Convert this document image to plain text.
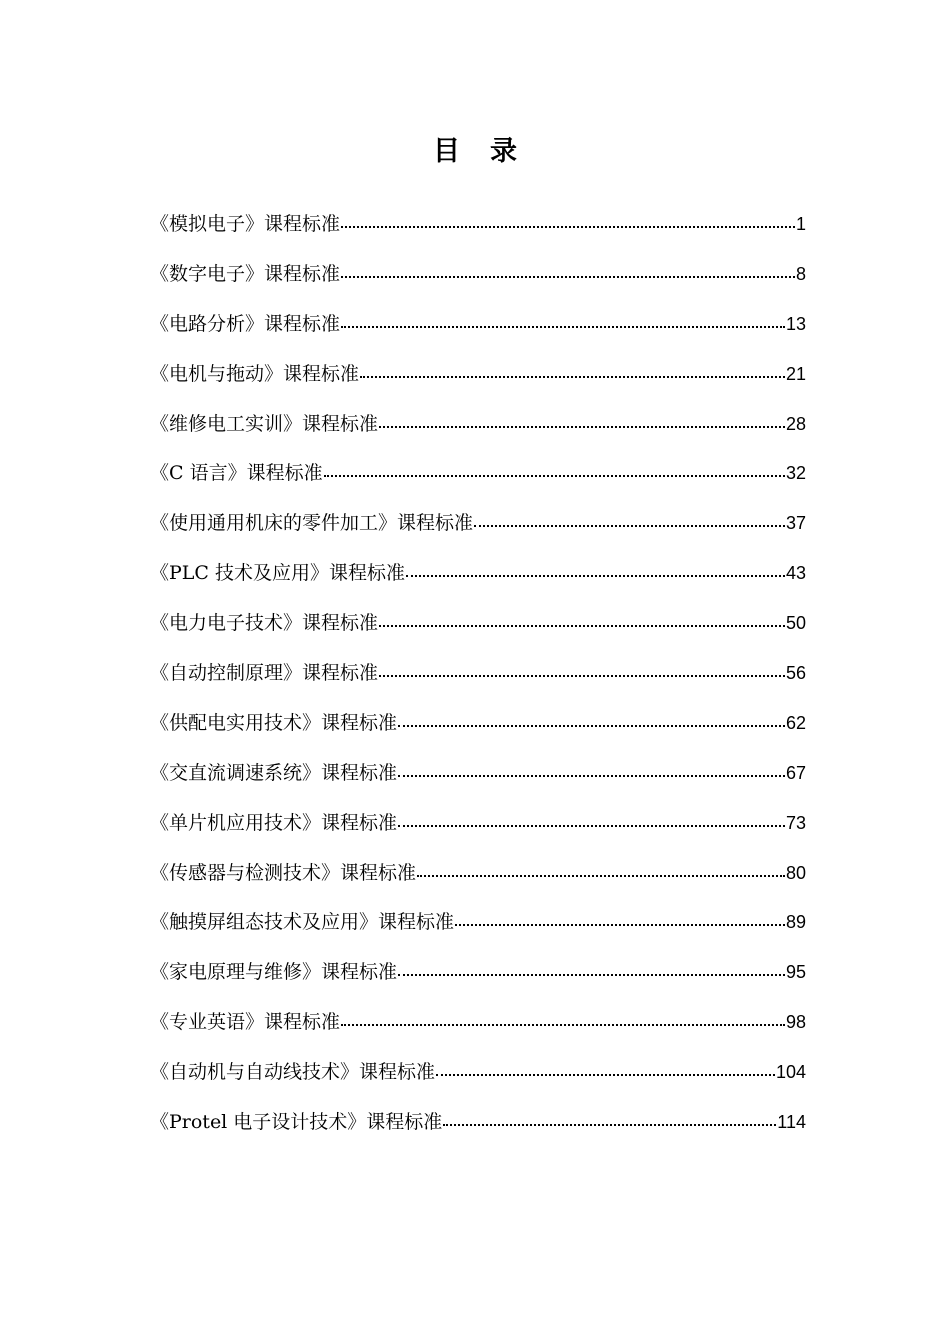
目 录
《模拟电子》课程标准	1
《数字电子》课程标准	8
《电路分析》课程标准	13
《电机与拖动》课程标准	21
《维修电工实训》课程标准	28
《C 语言》课程标准	32
《使用通用机床的零件加工》课程标准	37
《PLC 技术及应用》课程标准	43
《电力电子技术》课程标准	50
《自动控制原理》课程标准	56
《供配电实用技术》课程标准	62
《交直流调速系统》课程标准	67
《单片机应用技术》课程标准	73
《传感器与检测技术》课程标准	80
《触摸屏组态技术及应用》课程标准	89
《家电原理与维修》课程标准	95
《专业英语》课程标准	98
《自动机与自动线技术》课程标准	104
《Protel 电子设计技术》课程标准	114
